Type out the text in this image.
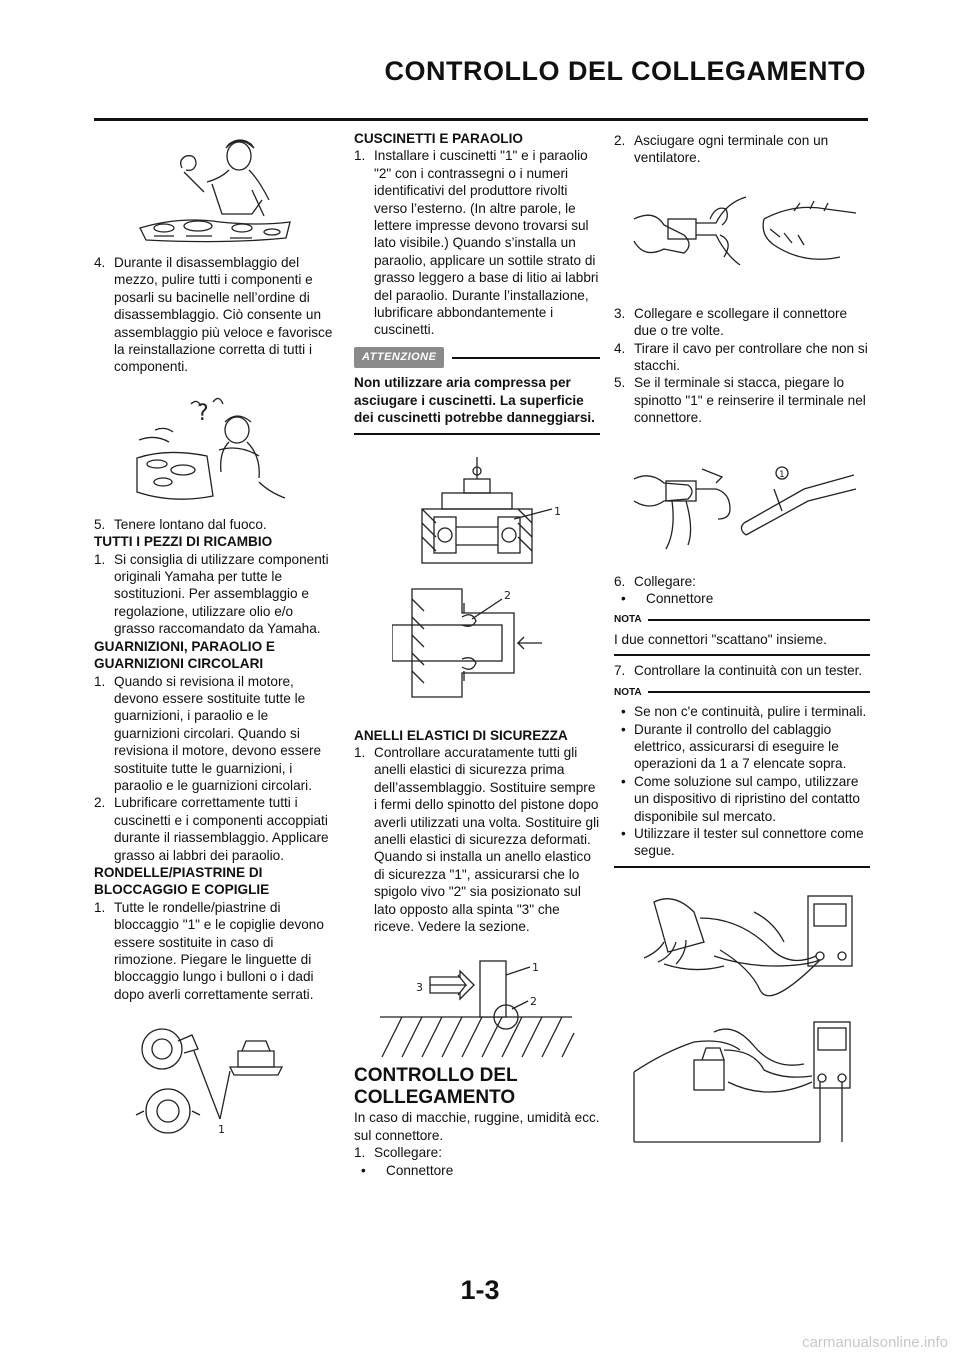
CONTROLLO DEL COLLEGAMENTO
4. Durante il disassemblaggio del mezzo, pulire tutti i componenti e posarli su bacinelle nell’ordine di disassemblaggio. Ciò consente un assemblaggio più veloce e favorisce la reinstallazione corretta di tutti i componenti.
?
5. Tenere lontano dal fuoco.

TUTTI I PEZZI DI RICAMBIO

1. Si consiglia di utilizzare componenti originali Yamaha per tutte le sostituzioni. Per assemblaggio e regolazione, utilizzare olio e/o grasso raccomandato da Yamaha.

GUARNIZIONI, PARAOLIO E GUARNIZIONI CIRCOLARI

1. Quando si revisiona il motore, devono essere sostituite tutte le guarnizioni, i paraolio e le guarnizioni circolari. Quando si revisiona il motore, devono essere sostituite tutte le guarnizioni, i paraolio e le guarnizioni circolari.
2. Lubrificare correttamente tutti i cuscinetti e i componenti accoppiati durante il riassemblaggio. Applicare grasso ai labbri dei paraolio.

RONDELLE/PIASTRINE DI BLOCCAGGIO E COPIGLIE

1. Tutte le rondelle/piastrine di bloccaggio "1" e le copiglie devono essere sostituite in caso di rimozione. Piegare le linguette di bloccaggio lungo i bulloni o i dadi dopo averli correttamente serrati.
1

CUSCINETTI E PARAOLIO

1. Installare i cuscinetti "1" e i paraolio "2" con i contrassegni o i numeri identificativi del produttore rivolti verso l’esterno. (In altre parole, le lettere impresse devono trovarsi sul lato visibile.) Quando s’installa un paraolio, applicare un sottile strato di grasso leggero a base di litio ai labbri del paraolio. Durante l’installazione, lubrificare abbondantemente i cuscinetti.
ATTENZIONE

Non utilizzare aria compressa per asciugare i cuscinetti. La superficie dei cuscinetti potrebbe danneggiarsi.

1
2

ANELLI ELASTICI DI SICUREZZA

1. Controllare accuratamente tutti gli anelli elastici di sicurezza prima dell’assemblaggio. Sostituire sempre i fermi dello spinotto del pistone dopo averli utilizzati una volta. Sostituire gli anelli elastici di sicurezza deformati. Quando si installa un anello elastico di sicurezza "1", assicurarsi che lo spigolo vivo "2" sia posizionato sul lato opposto alla spinta "3" che riceve. Vedere la sezione.
1
2
3

CONTROLLO DEL COLLEGAMENTO

In caso di macchie, ruggine, umidità ecc. sul connettore.

1. Scollegare:
• Connettore
2. Asciugare ogni terminale con un ventilatore.
3. Collegare e scollegare il connettore due o tre volte.
4. Tirare il cavo per controllare che non si stacchi.
5. Se il terminale si stacca, piegare lo spinotto "1" e reinserire il terminale nel connettore.
1
6. Collegare:
• Connettore
NOTA

I due connettori "scattano" insieme.

7. Controllare la continuità con un tester.
NOTA
• Se non c'e continuità, pulire i terminali.
• Durante il controllo del cablaggio elettrico, assicurarsi di eseguire le operazioni da 1 a 7 elencate sopra.
• Come soluzione sul campo, utilizzare un dispositivo di ripristino del contatto disponibile sul mercato.
• Utilizzare il tester sul connettore come segue.
1-3
carmanualsonline.info
